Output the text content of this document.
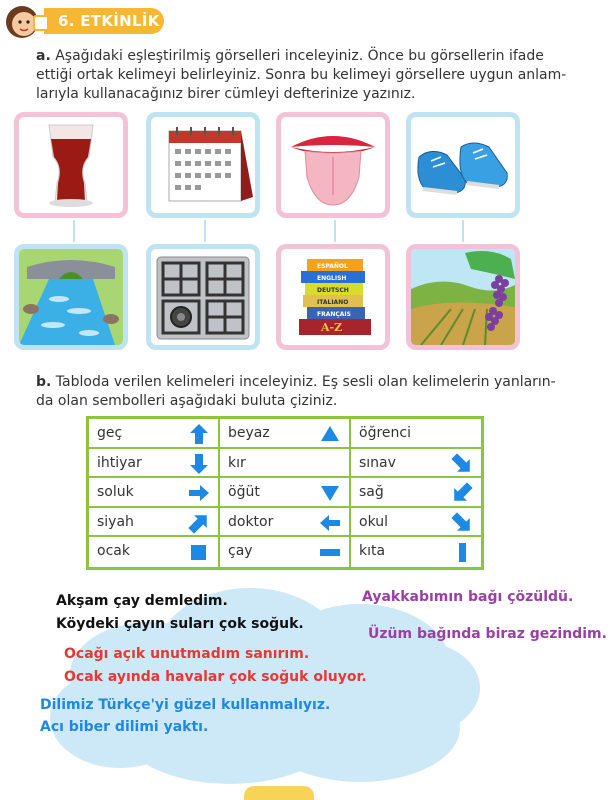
6. ETKİNLİK
a. Aşağıdaki eşleştirilmiş görselleri inceleyiniz. Önce bu görsellerin ifade
ettiği ortak kelimeyi belirleyiniz. Sonra bu kelimeyi görsellere uygun anlam-
larıyla kullanacağınız birer cümleyi defterinize yazınız.
ESPAÑOL
ENGLISH
DEUTSCH
ITALIANO
FRANÇAIS
A-Z
b. Tabloda verilen kelimeleri inceleyiniz. Eş sesli olan kelimelerin yanların-
da olan sembolleri aşağıdaki buluta çiziniz.
geç	beyaz	öğrenci
ihtiyar	kır	sınav
soluk	öğüt	sağ
siyah	doktor	okul
ocak	çay	kıta
Akşam çay demledim.
Köydeki çayın suları çok soğuk.
Ocağı açık unutmadım sanırım.
Ocak ayında havalar çok soğuk oluyor.
Dilimiz Türkçe'yi güzel kullanmalıyız.
Acı biber dilimi yaktı.
Ayakkabımın bağı çözüldü.
Üzüm bağında biraz gezindim.
